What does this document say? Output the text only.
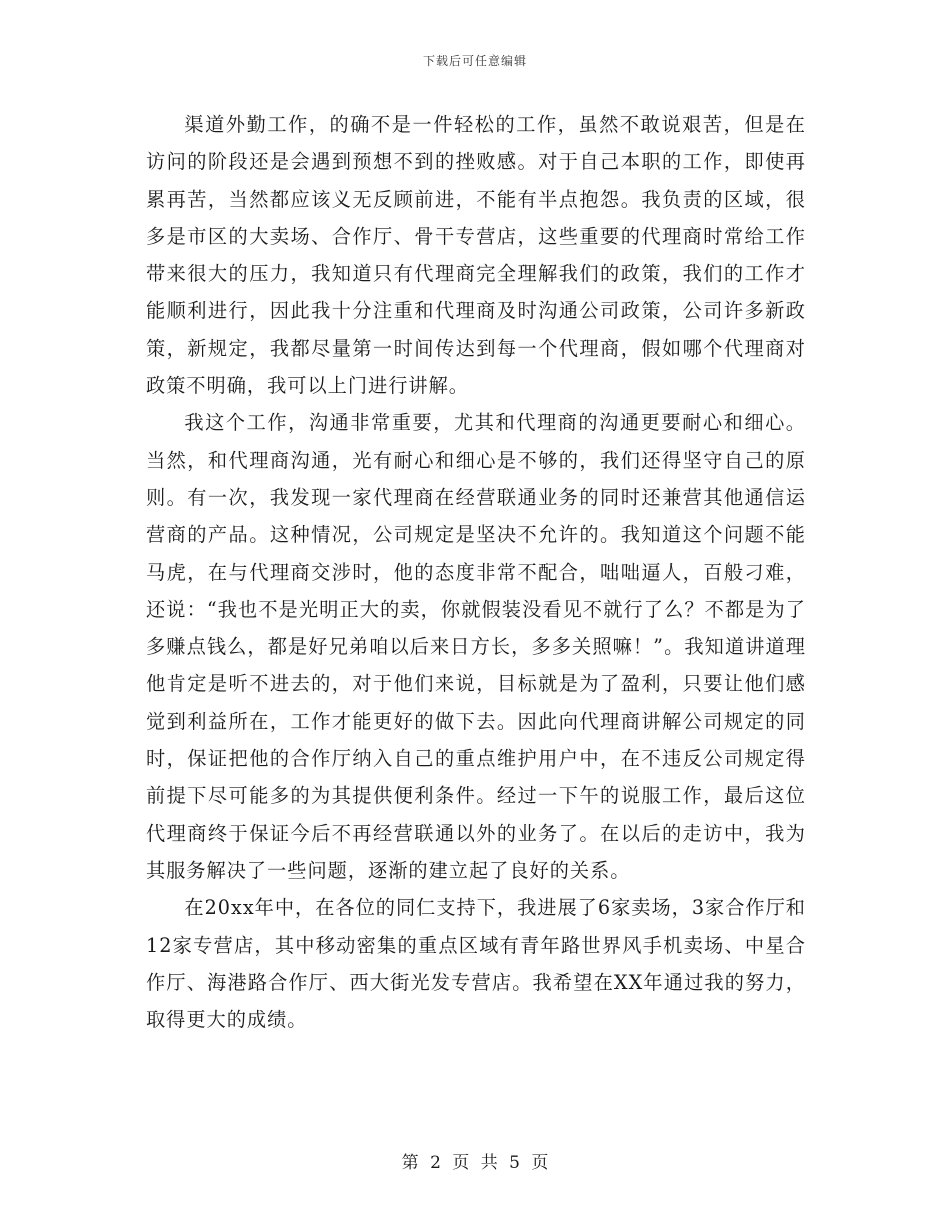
下载后可任意编辑

渠道外勤工作，的确不是一件轻松的工作，虽然不敢说艰苦，但是在访问的阶段还是会遇到预想不到的挫败感。对于自己本职的工作，即使再累再苦，当然都应该义无反顾前进，不能有半点抱怨。我负责的区域，很多是市区的大卖场、合作厅、骨干专营店，这些重要的代理商时常给工作带来很大的压力，我知道只有代理商完全理解我们的政策，我们的工作才能顺利进行，因此我十分注重和代理商及时沟通公司政策，公司许多新政策，新规定，我都尽量第一时间传达到每一个代理商，假如哪个代理商对政策不明确，我可以上门进行讲解。

我这个工作，沟通非常重要，尤其和代理商的沟通更要耐心和细心。当然，和代理商沟通，光有耐心和细心是不够的，我们还得坚守自己的原则。有一次，我发现一家代理商在经营联通业务的同时还兼营其他通信运营商的产品。这种情况，公司规定是坚决不允许的。我知道这个问题不能马虎，在与代理商交涉时，他的态度非常不配合，咄咄逼人，百般刁难，还说：“我也不是光明正大的卖，你就假装没看见不就行了么？不都是为了多赚点钱么，都是好兄弟咱以后来日方长，多多关照嘛！”。我知道讲道理他肯定是听不进去的，对于他们来说，目标就是为了盈利，只要让他们感觉到利益所在，工作才能更好的做下去。因此向代理商讲解公司规定的同时，保证把他的合作厅纳入自己的重点维护用户中，在不违反公司规定得前提下尽可能多的为其提供便利条件。经过一下午的说服工作，最后这位代理商终于保证今后不再经营联通以外的业务了。在以后的走访中，我为其服务解决了一些问题，逐渐的建立起了良好的关系。

在20xx年中，在各位的同仁支持下，我进展了6家卖场，3家合作厅和12家专营店，其中移动密集的重点区域有青年路世界风手机卖场、中星合作厅、海港路合作厅、西大街光发专营店。我希望在XX年通过我的努力，取得更大的成绩。

第 2 页 共 5 页
